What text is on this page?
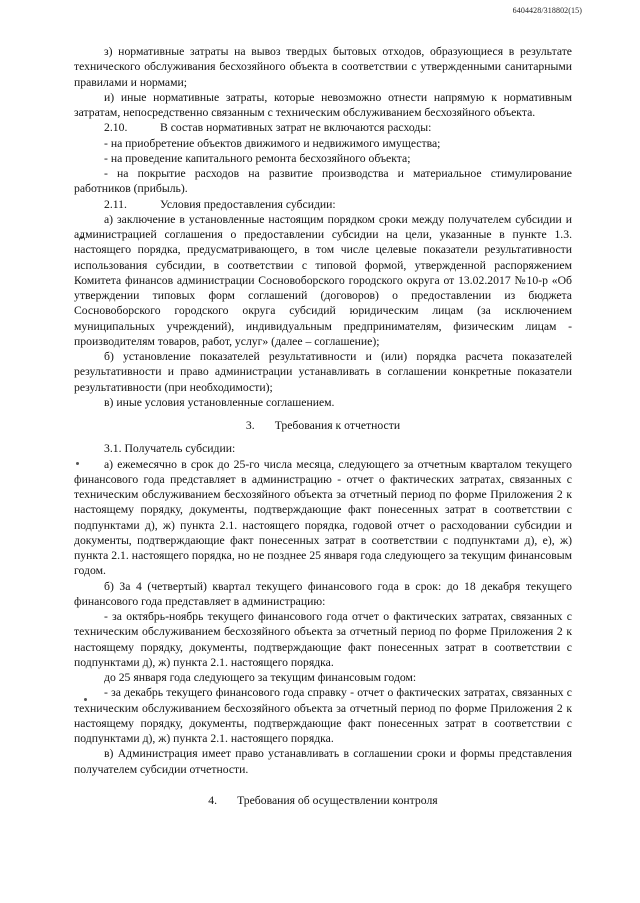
6404428/318802(15)

з) нормативные затраты на вывоз твердых бытовых отходов, образующиеся в результате технического обслуживания бесхозяйного объекта в соответствии с утвержденными санитарными правилами и нормами;

и) иные нормативные затраты, которые невозможно отнести напрямую к нормативным затратам, непосредственно связанным с техническим обслуживанием бесхозяйного объекта.

2.10.	В состав нормативных затрат не включаются расходы:

- на приобретение объектов движимого и недвижимого имущества;

- на проведение капитального ремонта бесхозяйного объекта;

- на покрытие расходов на развитие производства и материальное стимулирование работников (прибыль).

2.11.	Условия предоставления субсидии:

а) заключение в установленные настоящим порядком сроки между получателем субсидии и администрацией соглашения о предоставлении субсидии на цели, указанные в пункте 1.3. настоящего порядка, предусматривающего, в том числе целевые показатели результативности использования субсидии, в соответствии с типовой формой, утвержденной распоряжением Комитета финансов администрации Сосновоборского городского округа от 13.02.2017 №10-р «Об утверждении типовых форм соглашений (договоров) о предоставлении из бюджета Сосновоборского городского округа субсидий юридическим лицам (за исключением муниципальных учреждений), индивидуальным предпринимателям, физическим лицам - производителям товаров, работ, услуг» (далее – соглашение);

б) установление показателей результативности и (или) порядка расчета показателей результативности и право администрации устанавливать в соглашении конкретные показатели результативности (при необходимости);

в) иные условия установленные соглашением.

3. Требования к отчетности

3.1. Получатель субсидии:

а) ежемесячно в срок до 25-го числа месяца, следующего за отчетным кварталом текущего финансового года представляет в администрацию - отчет о фактических затратах, связанных с техническим обслуживанием бесхозяйного объекта за отчетный период по форме Приложения 2 к настоящему порядку, документы, подтверждающие факт понесенных затрат в соответствии с подпунктами д), ж) пункта 2.1. настоящего порядка, годовой отчет о расходовании субсидии и документы, подтверждающие факт понесенных затрат в соответствии с подпунктами д), е), ж) пункта 2.1. настоящего порядка, но не позднее 25 января года следующего за текущим финансовым годом.

б) За 4 (четвертый) квартал текущего финансового года в срок: до 18 декабря текущего финансового года представляет в администрацию:

- за октябрь-ноябрь текущего финансового года отчет о фактических затратах, связанных с техническим обслуживанием бесхозяйного объекта за отчетный период по форме Приложения 2 к настоящему порядку, документы, подтверждающие факт понесенных затрат в соответствии с подпунктами д), ж) пункта 2.1. настоящего порядка.

до 25 января года следующего за текущим финансовым годом:

- за декабрь текущего финансового года справку - отчет о фактических затратах, связанных с техническим обслуживанием бесхозяйного объекта за отчетный период по форме Приложения 2 к настоящему порядку, документы, подтверждающие факт понесенных затрат в соответствии с подпунктами д), ж) пункта 2.1. настоящего порядка.

в) Администрация имеет право устанавливать в соглашении сроки и формы представления получателем субсидии отчетности.

4. Требования об осуществлении контроля
